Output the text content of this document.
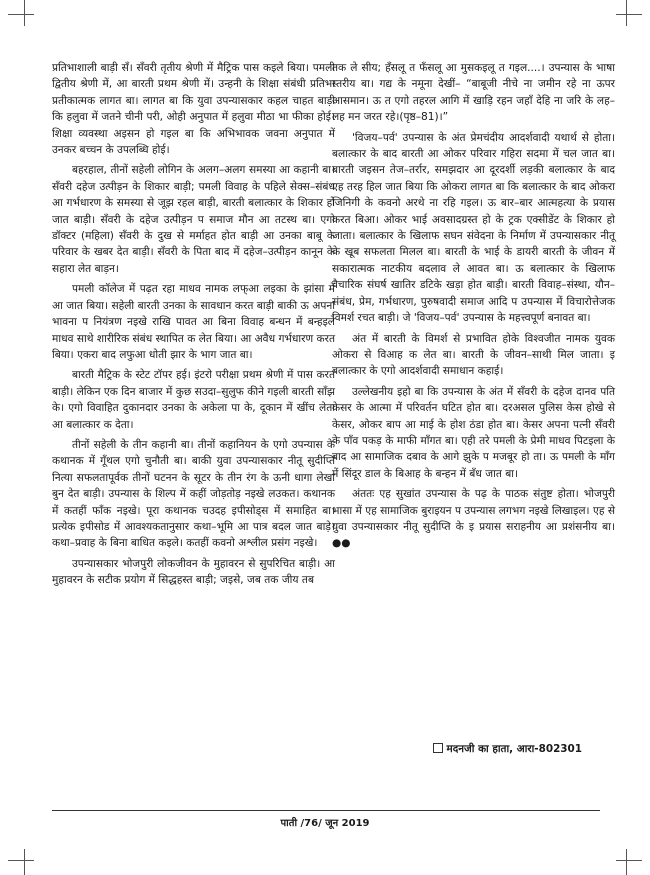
प्रतिभाशाली बाड़ी सँ। सँवरी तृतीय श्रेणी में मैट्रिक पास कइले बिया। पमली द्वितीय श्रेणी में, आ बारती प्रथम श्रेणी में। उन्हनी के शिक्षा संबंधी प्रतिभा प्रतीकात्मक लागत बा। लागत बा कि युवा उपन्यासकार कहल चाहत बाड़ी कि हलुवा में जतने चीनी परी, ओही अनुपात में हलुवा मीठा भा फीका होई। शिक्षा व्यवस्था अइसन हो गइल बा कि अभिभावक जवना अनुपात में उनकर बच्चन के उपलब्धि होई।

बहरहाल, तीनों सहेली लोगिन के अलग–अलग समस्या आ कहानी बा। सँवरी दहेज उत्पीड़न के शिकार बाड़ी; पमली विवाह के पहिले सेक्स–संबंध आ गर्भधारण के समस्या से जूझ रहल बाड़ी, बारती बलात्कार के शिकार हो जात बाड़ी। सँवरी के दहेज उत्पीड़न प समाज मौन आ तटस्थ बा। एगो डॉक्टर (महिला) सँवरी के दुख से मर्माहत होत बाड़ी आ उनका बाबू के परिवार के खबर देत बाड़ी। सँवरी के पिता बाद में दहेज–उत्पीड़न कानून के सहारा लेत बाड़न।

पमली कॉलेज में पढ़त रहा माधव नामक लफ्आ लइका के झांसा में आ जात बिया। सहेली बारती उनका के सावधान करत बाड़ी बाकी ऊ अपना भावना प नियंत्रण नइखे राखि पावत आ बिना विवाह बन्धन में बन्हइले माधव साथे शारीरिक संबंध स्थापित क लेत बिया। आ अवैध गर्भधारण करत बिया। एकरा बाद लफुआ धोती झार के भाग जात बा।

बारती मैट्रिक के स्टेट टॉपर हई। इंटरो परीक्षा प्रथम श्रेणी में पास करत बाड़ी। लेकिन एक दिन बाजार में कुछ सउदा–सुलुफ कीने गइली बारती साँझ के। एगो विवाहित दुकानदार उनका के अकेला पा के, दूकान में खींच लेता आ बलात्कार क देता।

तीनों सहेली के तीन कहानी बा। तीनों कहानियन के एगो उपन्यास के कथानक में गूँथल एगो चुनौती बा। बाकी युवा उपन्यासकार नीतू सुदीप्ति नित्या सफलतापूर्वक तीनों घटनन के सूटर के तीन रंग के ऊनी धागा लेखा बुन देत बाड़ी। उपन्यास के शिल्प में कहीं जोड़तोड़ नइखे लउकत। कथानक में कतहीं फाँक नइखे। पूरा कथानक चउदह इपीसोड्स में समाहित बा। प्रत्येक इपीसोड में आवश्यकतानुसार कथा–भूमि आ पात्र बदल जात बाड़े। कथा–प्रवाह के बिना बाधित कइले। कतहीं कवनो अश्लील प्रसंग नइखे।

उपन्यासकार भोजपुरी लोकजीवन के मुहावरन से सुपरिचित बाड़ी। आ मुहावरन के सटीक प्रयोग में सिद्धहस्त बाड़ी; जइसे, जब तक जीय तब

तक ले सीय; हँसलू त फँसलू आ मुसकइलू त गइल....। उपन्यास के भाषा स्तरीय बा। गद्य के नमूना देखीं– “बाबूजी नीचे ना जमीन रहे ना ऊपर आसमान। ऊ त एगो तहरल आगि में खाड़ि रहन जहाँ देहि ना जरि के लह–लह मन जरत रहे।(पृष्ठ–81)।”

'विजय–पर्व' उपन्यास के अंत प्रेमचंदीय आदर्शवादी यथार्थ से होता। बलात्कार के बाद बारती आ ओकर परिवार गहिरा सदमा में चल जात बा। बारती जइसन तेज–तर्रार, समझदार आ दूरदर्शी लड़की बलात्कार के बाद एह तरह हिल जात बिया कि ओकरा लागत बा कि बलात्कार के बाद ओकरा जिनिगी के कवनो अरथे ना रहि गइल। ऊ बार–बार आत्महत्या के प्रयास करत बिआ। ओकर भाई अवसादग्रस्त हो के ट्रक एक्सीडेंट के शिकार हो जाता। बलात्कार के खिलाफ सघन संवेदना के निर्माण में उपन्यासकार नीतू के खूब सफलता मिलल बा। बारती के भाई के डायरी बारती के जीवन में सकारात्मक नाटकीय बदलाव ले आवत बा। ऊ बलात्कार के खिलाफ वैचारिक संघर्ष खातिर डटिके खड़ा होत बाड़ी। बारती विवाह–संस्था, यौन–संबंध, प्रेम, गर्भधारण, पुरुषवादी समाज आदि प उपन्यास में विचारोत्तेजक विमर्श रचत बाड़ी। जे 'विजय–पर्व' उपन्यास के महत्त्वपूर्ण बनावत बा।

अंत में बारती के विमर्श से प्रभावित होके विश्वजीत नामक युवक ओकरा से विआह क लेत बा। बारती के जीवन–साथी मिल जाता। इ बलात्कार के एगो आदर्शवादी समाधान कहाई।

उल्लेखनीय इहो बा कि उपन्यास के अंत में सँवरी के दहेज दानव पति केसर के आत्मा में परिवर्तन घटित होत बा। दरअसल पुलिस केस होखे से केसर, ओकर बाप आ माई के होश ठंडा होत बा। केसर अपना पत्नी सँवरी के पाँव पकड़ के माफी माँगत बा। एही तरे पमली के प्रेमी माधव पिटइला के बाद आ सामाजिक दबाव के आगे झुके प मजबूर हो ता। ऊ पमली के माँग में सिंदूर डाल के बिआह के बन्हन में बँध जात बा।

अंततः एह सुखांत उपन्यास के पढ़ के पाठक संतुष्ट होता। भोजपुरी भासा में एह सामाजिक बुराइयन प उपन्यास लगभग नइखे लिखाइल। एह से युवा उपन्यासकार नीतू सुदीप्ति के इ प्रयास सराहनीय आ प्रशंसनीय बा। ●●

मदनजी का हाता, आरा-802301
पाती /76/ जून 2019
